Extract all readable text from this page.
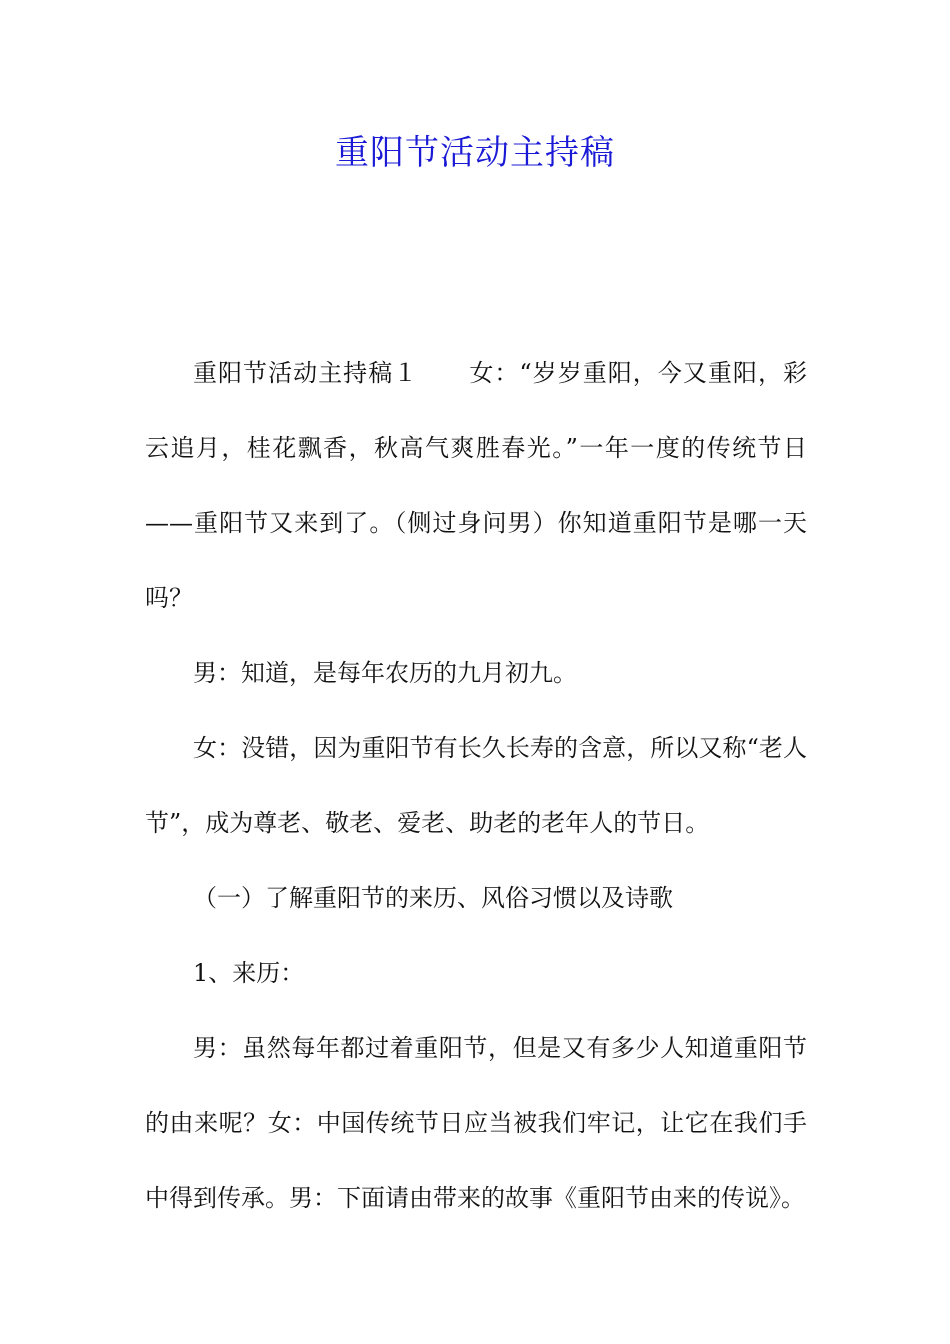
重阳节活动主持稿

重阳节活动主持稿１ 女：“岁岁重阳，今又重阳，彩云追月，桂花飘香，秋高气爽胜春光。”一年一度的传统节日——重阳节又来到了。（侧过身问男）你知道重阳节是哪一天吗？

男：知道，是每年农历的九月初九。

女：没错，因为重阳节有长久长寿的含意，所以又称“老人节”，成为尊老、敬老、爱老、助老的老年人的节日。

（一）了解重阳节的来历、风俗习惯以及诗歌

1、来历：

男：虽然每年都过着重阳节，但是又有多少人知道重阳节的由来呢？女：中国传统节日应当被我们牢记，让它在我们手中得到传承。男：下面请由带来的故事《重阳节由来的传说》。
